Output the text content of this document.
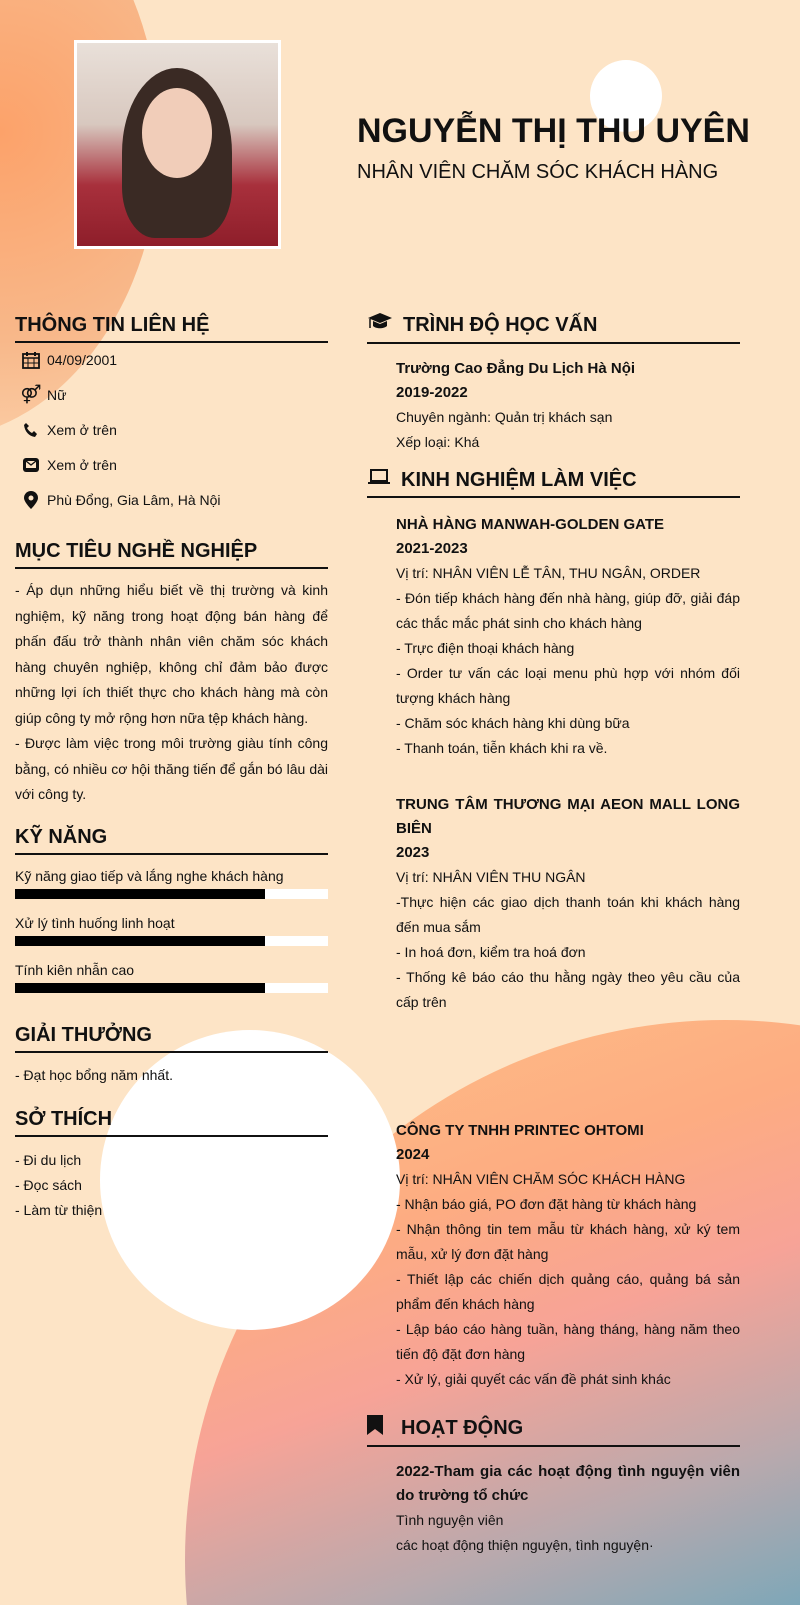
NGUYỄN THỊ THU UYÊN
NHÂN VIÊN CHĂM SÓC KHÁCH HÀNG
THÔNG TIN LIÊN HỆ
04/09/2001
⚤ Nữ
Xem ở trên
Xem ở trên
Phù Đổng, Gia Lâm, Hà Nội
MỤC TIÊU NGHỀ NGHIỆP

- Áp dụn những hiểu biết về thị trường và kinh nghiệm, kỹ năng trong hoạt động bán hàng để phấn đấu trở thành nhân viên chăm sóc khách hàng chuyên nghiệp, không chỉ đảm bảo được những lợi ích thiết thực cho khách hàng mà còn giúp công ty mở rộng hơn nữa tệp khách hàng.

- Được làm việc trong môi trường giàu tính công bằng, có nhiều cơ hội thăng tiến để gắn bó lâu dài với công ty.

KỸ NĂNG
Kỹ năng giao tiếp và lắng nghe khách hàng
Xử lý tình huống linh hoạt
Tính kiên nhẫn cao
GIẢI THƯỞNG
- Đạt học bổng năm nhất.
SỞ THÍCH
- Đi du lịch
- Đọc sách
- Làm từ thiện
TRÌNH ĐỘ HỌC VẤN
Trường Cao Đẳng Du Lịch Hà Nội
2019-2022
Chuyên ngành: Quản trị khách sạn
Xếp loại: Khá
KINH NGHIỆM LÀM VIỆC
NHÀ HÀNG MANWAH-GOLDEN GATE
2021-2023
Vị trí: NHÂN VIÊN LỄ TÂN, THU NGÂN, ORDER
- Đón tiếp khách hàng đến nhà hàng, giúp đỡ, giải đáp các thắc mắc phát sinh cho khách hàng
- Trực điện thoại khách hàng
- Order tư vấn các loại menu phù hợp với nhóm đối tượng khách hàng
- Chăm sóc khách hàng khi dùng bữa
- Thanh toán, tiễn khách khi ra về.
TRUNG TÂM THƯƠNG MẠI AEON MALL LONG BIÊN
2023
Vị trí: NHÂN VIÊN THU NGÂN
-Thực hiện các giao dịch thanh toán khi khách hàng đến mua sắm
- In hoá đơn, kiểm tra hoá đơn
- Thống kê báo cáo thu hằng ngày theo yêu cầu của cấp trên
CÔNG TY TNHH PRINTEC OHTOMI
2024
Vị trí: NHÂN VIÊN CHĂM SÓC KHÁCH HÀNG
- Nhận báo giá, PO đơn đặt hàng từ khách hàng
- Nhận thông tin tem mẫu từ khách hàng, xử ký tem mẫu, xử lý đơn đặt hàng
- Thiết lập các chiến dịch quảng cáo, quảng bá sản phẩm đến khách hàng
- Lập báo cáo hàng tuần, hàng tháng, hàng năm theo tiến độ đặt đơn hàng
- Xử lý, giải quyết các vấn đề phát sinh khác
HOẠT ĐỘNG
2022-Tham gia các hoạt động tình nguyện viên do trường tổ chức
Tình nguyện viên
các hoạt động thiện nguyện, tình nguyện·
